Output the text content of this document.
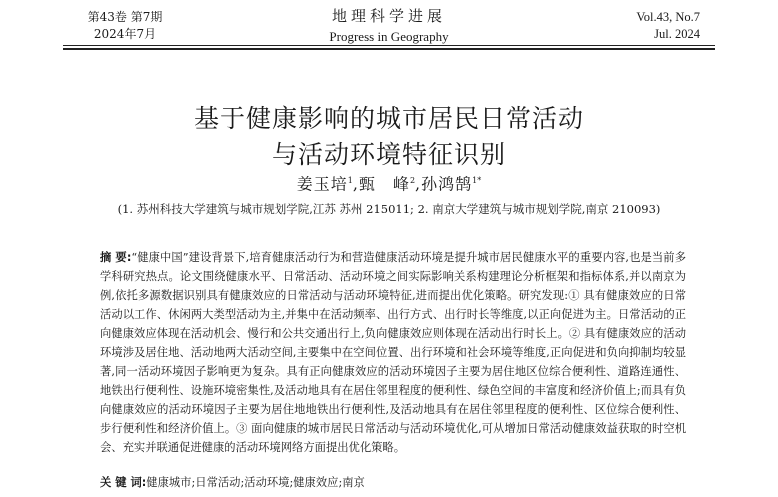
第43卷 第7期
2024年7月
地理科学进展
Progress in Geography
Vol.43, No.7
Jul. 2024
基于健康影响的城市居民日常活动
与活动环境特征识别
姜玉培$^1$,甄　峰$^2$,孙鸿鹄$^{1*}$
(1. 苏州科技大学建筑与城市规划学院,江苏 苏州 215011; 2. 南京大学建筑与城市规划学院,南京 210093)
摘 要:“健康中国”建设背景下,培育健康活动行为和营造健康活动环境是提升城市居民健康水平的重要内容,也是当前多学科研究热点。论文围绕健康水平、日常活动、活动环境之间实际影响关系构建理论分析框架和指标体系,并以南京为例,依托多源数据识别具有健康效应的日常活动与活动环境特征,进而提出优化策略。研究发现:① 具有健康效应的日常活动以工作、休闲两大类型活动为主,并集中在活动频率、出行方式、出行时长等维度,以正向促进为主。日常活动的正向健康效应体现在活动机会、慢行和公共交通出行上,负向健康效应则体现在活动出行时长上。② 具有健康效应的活动环境涉及居住地、活动地两大活动空间,主要集中在空间位置、出行环境和社会环境等维度,正向促进和负向抑制均较显著,同一活动环境因子影响更为复杂。具有正向健康效应的活动环境因子主要为居住地区位综合便利性、道路连通性、地铁出行便利性、设施环境密集性,及活动地具有在居住邻里程度的便利性、绿色空间的丰富度和经济价值上;而具有负向健康效应的活动环境因子主要为居住地地铁出行便利性,及活动地具有在居住邻里程度的便利性、区位综合便利性、步行便利性和经济价值上。③ 面向健康的城市居民日常活动与活动环境优化,可从增加日常活动健康效益获取的时空机会、充实并联通促进健康的活动环境网络方面提出优化策略。
关 键 词:健康城市;日常活动;活动环境;健康效应;南京
